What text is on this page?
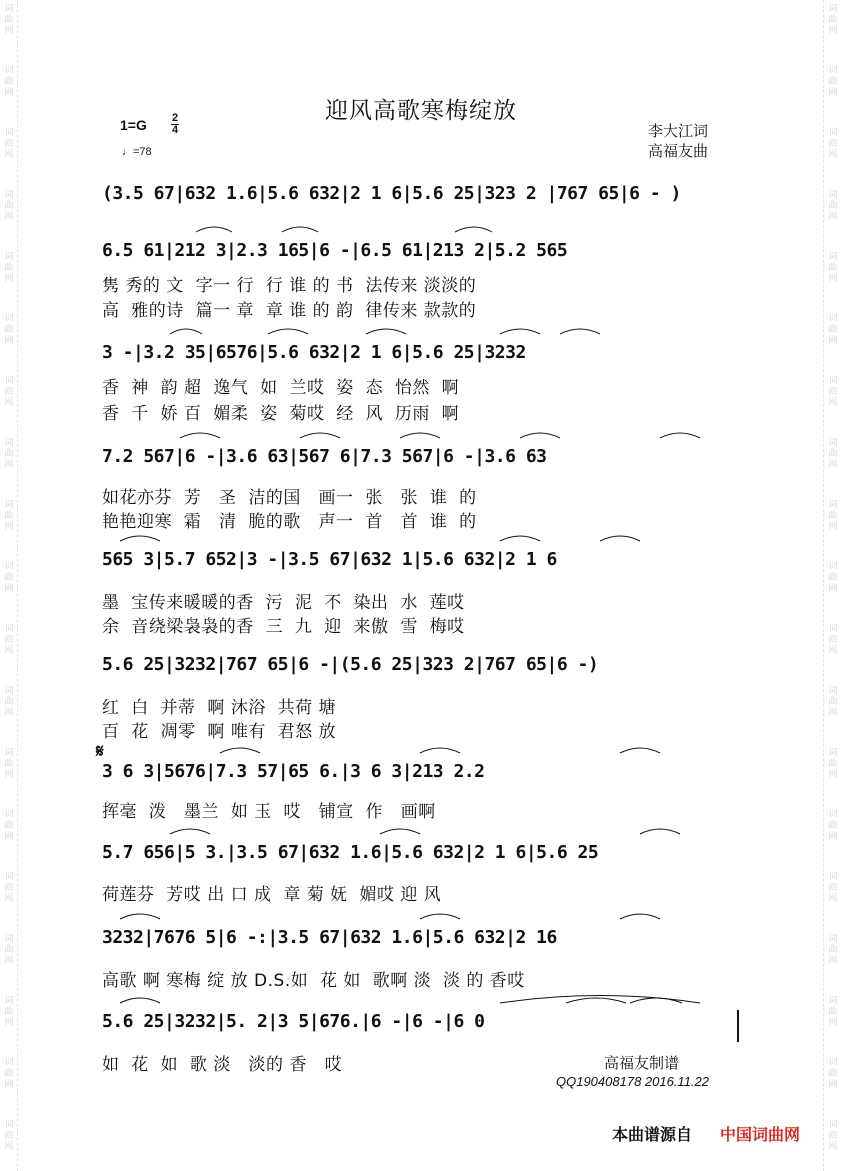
词
曲
网
词
曲
网
词
曲
网
词
曲
网
词
曲
网
词
曲
网
词
曲
网
词
曲
网
词
曲
网
词
曲
网
词
曲
网
词
曲
网
词
曲
网
词
曲
网
词
曲
网
词
曲
网
词
曲
网
词
曲
网
词
曲
网
词
曲
网
词
曲
网
词
曲
网
词
曲
网
词
曲
网
词
曲
网
词
曲
网
词
曲
网
词
曲
网
词
曲
网
词
曲
网
词
曲
网
词
曲
网
词
曲
网
词
曲
网
词
曲
网
词
曲
网
词
曲
网
词
曲
网
迎风高歌寒梅绽放
1=G 2
4
♩=78
李大江词
高福友曲
(3.5 67|632 1.6|5.6 632|2 1 6|5.6 25|323 2 |767 65|6 - )
6.5 61|212 3|2.3 165|6 -|6.5 61|213 2|5.2 565
隽 秀的 文  字一 行  行 谁 的 书  法传来 淡淡的
高  雅的诗  篇一 章  章 谁 的 韵  律传来 款款的
3 -|3.2 35|6576|5.6 632|2 1 6|5.6 25|3232
香  神  韵 超  逸气  如  兰哎  姿  态  怡然  啊
香  千  娇 百  媚柔  姿  菊哎  经  风  历雨  啊
7.2 567|6 -|3.6 63|567 6|7.3 567|6 -|3.6 63
如花亦芬  芳   圣  洁的国   画一  张   张  谁  的
艳艳迎寒  霜   清  脆的歌   声一  首   首  谁  的
565 3|5.7 652|3 -|3.5 67|632 1|5.6 632|2 1 6
墨  宝传来暖暖的香  污  泥  不  染出  水  莲哎
余  音绕梁袅袅的香  三  九  迎  来傲  雪  梅哎
5.6 25|3232|767 65|6 -|(5.6 25|323 2|767 65|6 -)
红  白  并蒂  啊 沐浴  共荷 塘
百  花  凋零  啊 唯有  君怒 放
𝄋
3 6 3|5676|7.3 57|65 6.|3 6 3|213 2.2
挥毫  泼   墨兰  如 玉  哎   铺宣  作   画啊
5.7 656|5 3.|3.5 67|632 1.6|5.6 632|2 1 6|5.6 25
荷莲芬  芳哎 出 口 成  章 菊 妩  媚哎 迎 风
3232|7676 5|6 -:|3.5 67|632 1.6|5.6 632|2 16
高歌 啊 寒梅 绽 放 D.S.如  花 如  歌啊 淡  淡 的 香哎
5.6 25|3232|5. 2|3 5|676.|6 -|6 -|6 0
如  花  如  歌 淡   淡的 香   哎	高福友制谱
QQ190408178 2016.11.22
本曲谱源自 中国词曲网
